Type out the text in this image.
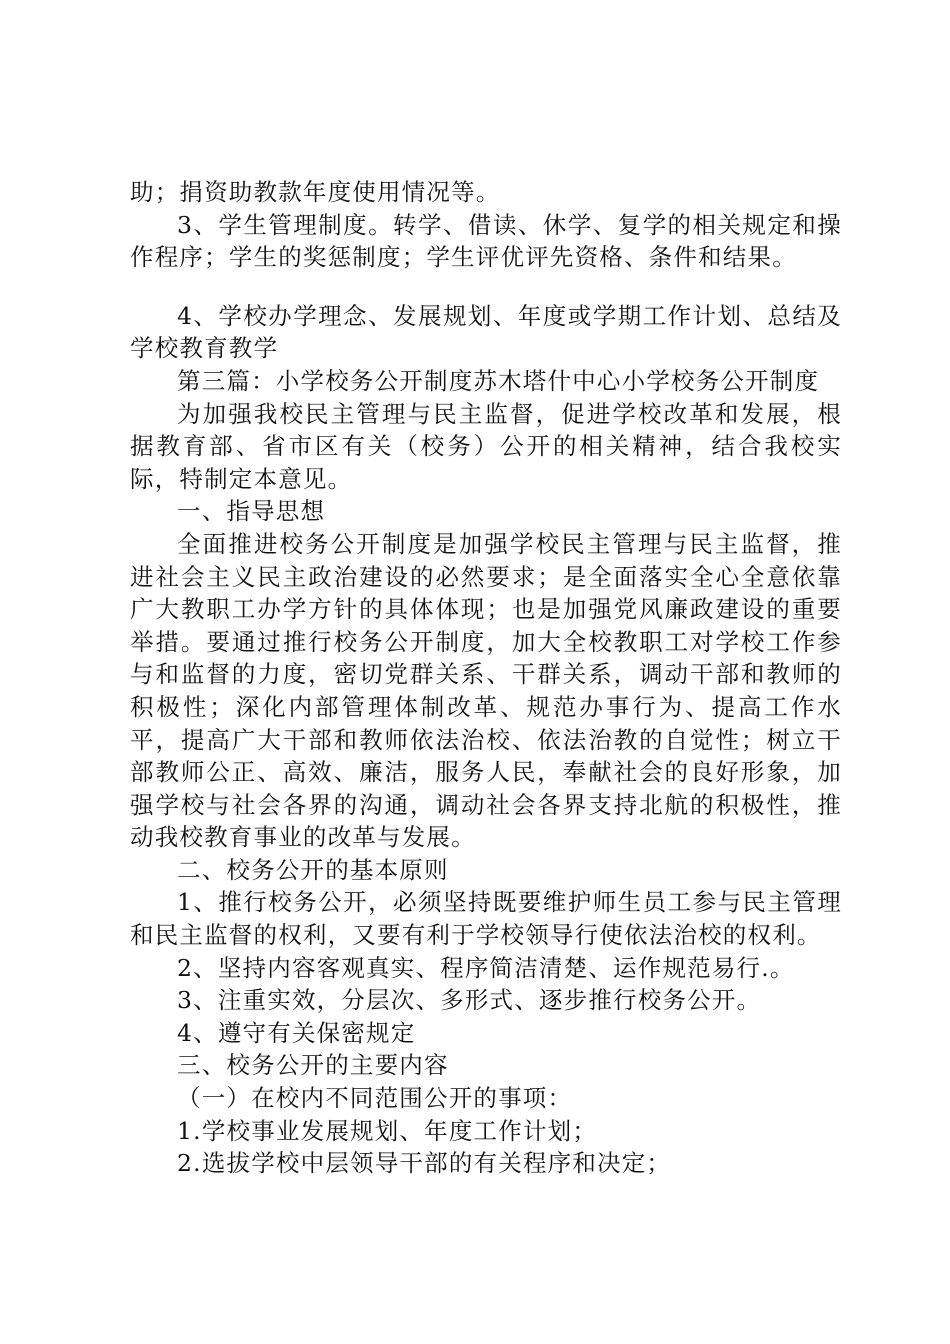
助；捐资助教款年度使用情况等。

3、学生管理制度。转学、借读、休学、复学的相关规定和操作程序；学生的奖惩制度；学生评优评先资格、条件和结果。

4、学校办学理念、发展规划、年度或学期工作计划、总结及学校教育教学

第三篇：小学校务公开制度苏木塔什中心小学校务公开制度

为加强我校民主管理与民主监督，促进学校改革和发展，根据教育部、省市区有关（校务）公开的相关精神，结合我校实际，特制定本意见。

一、指导思想

全面推进校务公开制度是加强学校民主管理与民主监督，推进社会主义民主政治建设的必然要求；是全面落实全心全意依靠广大教职工办学方针的具体体现；也是加强党风廉政建设的重要举措。要通过推行校务公开制度，加大全校教职工对学校工作参与和监督的力度，密切党群关系、干群关系，调动干部和教师的积极性；深化内部管理体制改革、规范办事行为、提高工作水平，提高广大干部和教师依法治校、依法治教的自觉性；树立干部教师公正、高效、廉洁，服务人民，奉献社会的良好形象，加强学校与社会各界的沟通，调动社会各界支持北航的积极性，推动我校教育事业的改革与发展。

二、校务公开的基本原则

1、推行校务公开，必须坚持既要维护师生员工参与民主管理和民主监督的权利，又要有利于学校领导行使依法治校的权利。

2、坚持内容客观真实、程序简洁清楚、运作规范易行.。

3、注重实效，分层次、多形式、逐步推行校务公开。

4、遵守有关保密规定

三、校务公开的主要内容

（一）在校内不同范围公开的事项：

1.学校事业发展规划、年度工作计划；

2.选拔学校中层领导干部的有关程序和决定；
